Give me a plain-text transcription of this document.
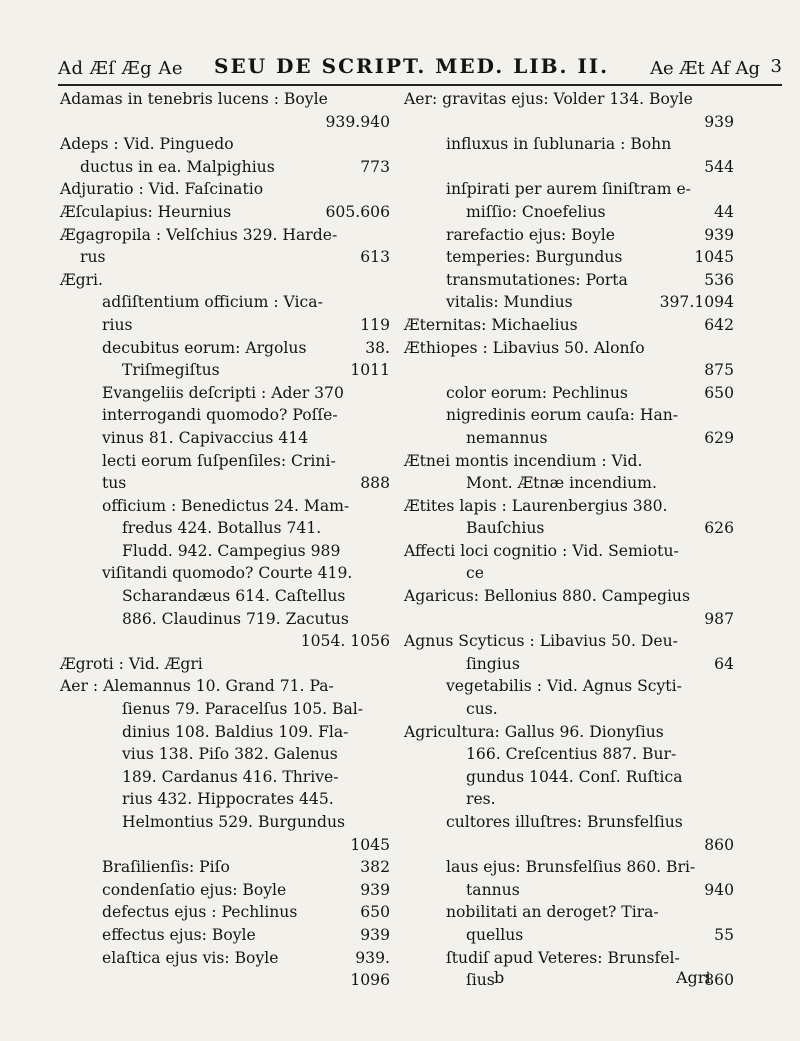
Ad Æſ Æg Ae SEU DE SCRIPT. MED. LIB. II. Ae Æt Af Ag 3
Adamas in tenebris lucens : Boyle
939.940
Adeps : Vid. Pinguedo
ductus in ea. Malpighius	773
Adjuratio : Vid. Faſcinatio
Æſculapius: Heurnius	605.606
Ægagropila : Velſchius 329. Harde-
rus	613
Ægri.
adſiſtentium officium : Vica-
rius	119
decubitus eorum: Argolus	38.
Triſmegiſtus	1011
Evangeliis deſcripti : Ader 370
interrogandi quomodo? Poſſe-
vinus 81. Capivaccius 414
lecti eorum ſuſpenſiles: Crini-
tus	888
officium : Benedictus 24. Mam-
fredus 424. Botallus 741.
Fludd. 942. Campegius 989
viſitandi quomodo? Courte 419.
Scharandæus 614. Caſtellus
886. Claudinus 719. Zacutus
1054. 1056
Ægroti : Vid. Ægri
Aer : Alemannus 10. Grand 71. Pa-
ſienus 79. Paracelſus 105. Bal-
dinius 108. Baldius 109. Fla-
vius 138. Piſo 382. Galenus
189. Cardanus 416. Thrive-
rius 432. Hippocrates 445.
Helmontius 529. Burgundus
1045
Braſilienſis: Piſo	382
condenſatio ejus: Boyle	939
defectus ejus : Pechlinus	650
effectus ejus: Boyle	939
elaſtica ejus vis: Boyle	939.
1096
Aer: gravitas ejus: Volder 134. Boyle
939
influxus in ſublunaria : Bohn
544
inſpirati per aurem ſiniſtram e-
miſſio: Cnoefelius	44
rarefactio ejus: Boyle	939
temperies: Burgundus	1045
transmutationes: Porta	536
vitalis: Mundius	397.1094
Æternitas: Michaelius	642
Æthiopes : Libavius 50. Alonſo
875
color eorum: Pechlinus	650
nigredinis eorum cauſa: Han-
nemannus	629
Ætnei montis incendium : Vid.
Mont. Ætnæ incendium.
Ætites lapis : Laurenbergius 380.
Bauſchius	626
Affecti loci cognitio : Vid. Semiotu-
ce
Agaricus: Bellonius 880. Campegius
987
Agnus Scyticus : Libavius 50. Deu-
ſingius	64
vegetabilis : Vid. Agnus Scyti-
cus.
Agricultura: Gallus 96. Dionyſius
166. Creſcentius 887. Bur-
gundus 1044. Conſ. Ruſtica
res.
cultores illuſtres: Brunsfelſius
860
laus ejus: Brunsfelſius 860. Bri-
tannus	940
nobilitati an deroget? Tira-
quellus	55
ſtudiſ apud Veteres: Brunsfel-
ſius	860
b	Agri
